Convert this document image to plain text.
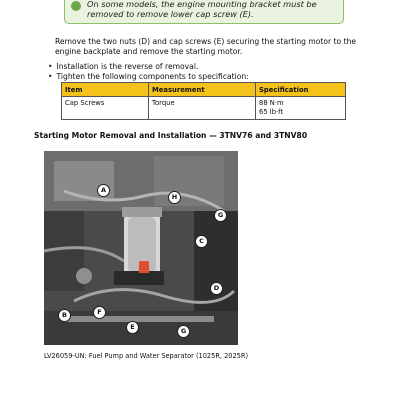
On some models, the engine mounting bracket must be removed to remove lower cap screw (E).
Remove the two nuts (D) and cap screws (E) securing the starting motor to the engine backplate and remove the starting motor.
• Installation is the reverse of removal.
• Tighten the following components to specification:
Item	Measurement	Specification
Cap Screws	Torque	88 N·m
65 lb·ft
Starting Motor Removal and Installation — 3TNV76 and 3TNV80
A
H
G
C
D
B	F
E	G
LV26059-UN: Fuel Pump and Water Separator (1025R, 2025R)
